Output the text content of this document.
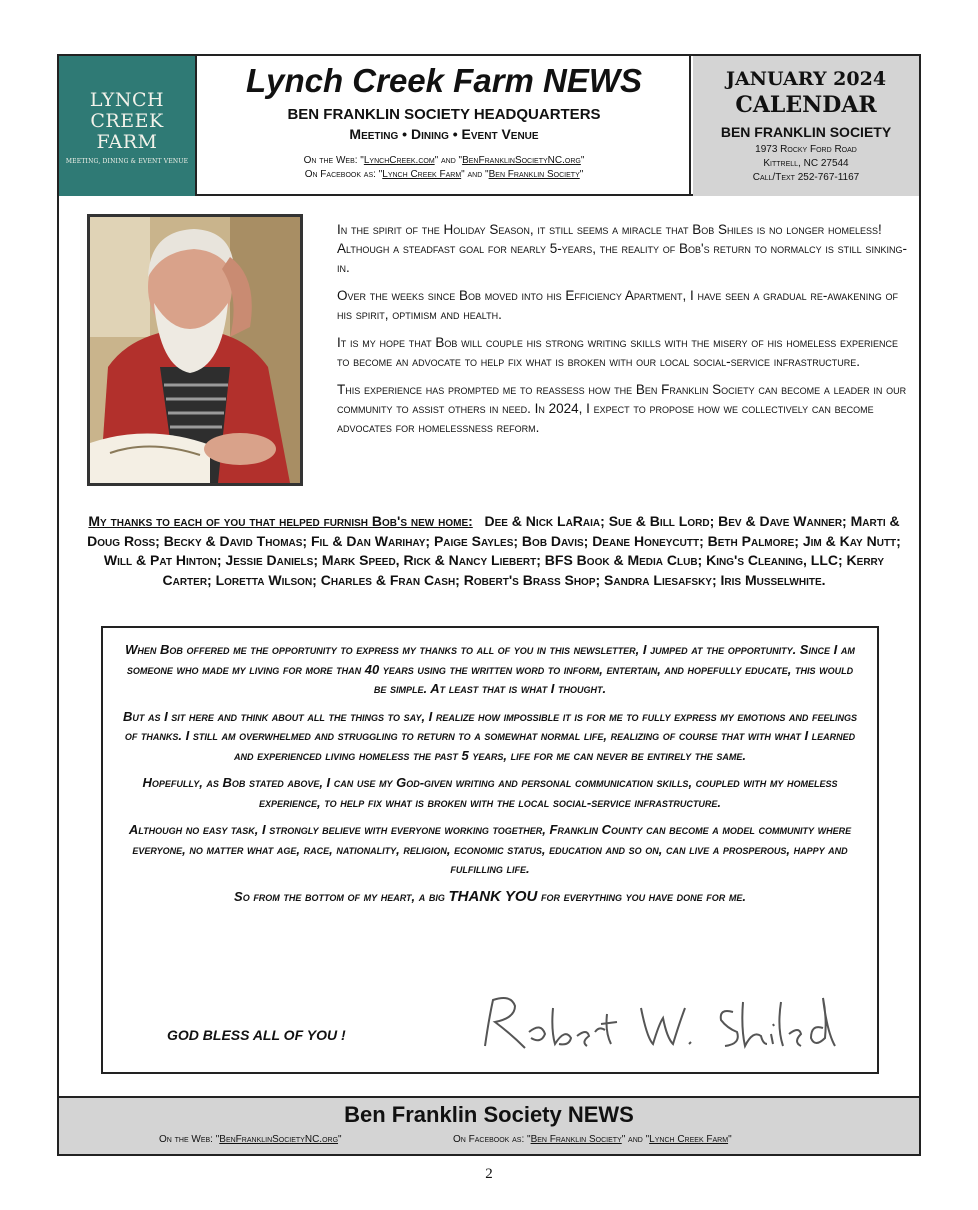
LYNCH
CREEK
FARM
MEETING, DINING & EVENT VENUE
Lynch Creek Farm NEWS
BEN FRANKLIN SOCIETY HEADQUARTERS
Meeting • Dining • Event Venue
On the Web: "LynchCreek.com" and "BenFranklinSocietyNC.org"
On Facebook as: "Lynch Creek Farm" and "Ben Franklin Society"
JANUARY 2024
CALENDAR
BEN FRANKLIN SOCIETY
1973 Rocky Ford Road
Kittrell, NC 27544
Call/Text 252-767-1167

In the spirit of the Holiday Season, it still seems a miracle that Bob Shiles is no longer homeless! Although a steadfast goal for nearly 5-years, the reality of Bob's return to normalcy is still sinking-in.

Over the weeks since Bob moved into his Efficiency Apartment, I have seen a gradual re-awakening of his spirit, optimism and health.

It is my hope that Bob will couple his strong writing skills with the misery of his homeless experience to become an advocate to help fix what is broken with our local social-service infrastructure.

This experience has prompted me to reassess how the Ben Franklin Society can become a leader in our community to assist others in need. In 2024, I expect to propose how we collectively can become advocates for homelessness reform.

My thanks to each of you that helped furnish Bob's new home: Dee & Nick LaRaia; Sue & Bill Lord; Bev & Dave Wanner; Marti & Doug Ross; Becky & David Thomas; Fil & Dan Warihay; Paige Sayles; Bob Davis; Deane Honeycutt; Beth Palmore; Jim & Kay Nutt; Will & Pat Hinton; Jessie Daniels; Mark Speed, Rick & Nancy Liebert; BFS Book & Media Club; King's Cleaning, LLC; Kerry Carter; Loretta Wilson; Charles & Fran Cash; Robert's Brass Shop; Sandra Liesafsky; Iris Musselwhite.

When Bob offered me the opportunity to express my thanks to all of you in this newsletter, I jumped at the opportunity. Since I am someone who made my living for more than 40 years using the written word to inform, entertain, and hopefully educate, this would be simple. At least that is what I thought.

But as I sit here and think about all the things to say, I realize how impossible it is for me to fully express my emotions and feelings of thanks. I still am overwhelmed and struggling to return to a somewhat normal life, realizing of course that with what I learned and experienced living homeless the past 5 years, life for me can never be entirely the same.

Hopefully, as Bob stated above, I can use my God-given writing and personal communication skills, coupled with my homeless experience, to help fix what is broken with the local social-service infrastructure.

Although no easy task, I strongly believe with everyone working together, Franklin County can become a model community where everyone, no matter what age, race, nationality, religion, economic status, education and so on, can live a prosperous, happy and fulfilling life.

So from the bottom of my heart, a big THANK YOU for everything you have done for me.

GOD BLESS ALL OF YOU !
Ben Franklin Society NEWS
On the Web: "BenFranklinSocietyNC.org"	On Facebook as: "Ben Franklin Society" and "Lynch Creek Farm"
2
